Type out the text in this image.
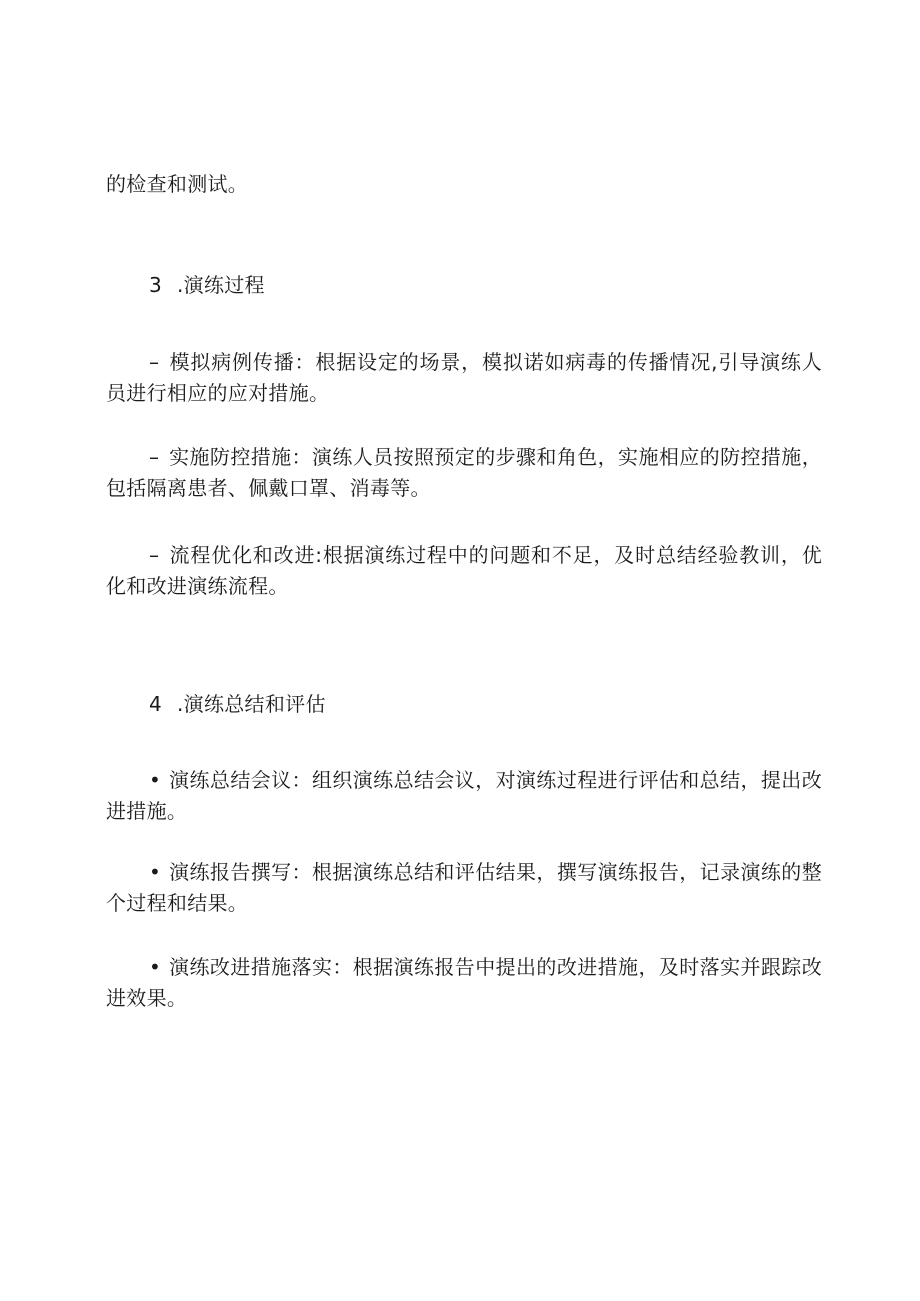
的检查和测试。

3 .演练过程

– 模拟病例传播：根据设定的场景，模拟诺如病毒的传播情况,引导演练人员进行相应的应对措施。

– 实施防控措施：演练人员按照预定的步骤和角色，实施相应的防控措施，包括隔离患者、佩戴口罩、消毒等。

– 流程优化和改进:根据演练过程中的问题和不足，及时总结经验教训，优化和改进演练流程。

4 .演练总结和评估

• 演练总结会议：组织演练总结会议，对演练过程进行评估和总结，提出改进措施。

• 演练报告撰写：根据演练总结和评估结果，撰写演练报告，记录演练的整个过程和结果。

• 演练改进措施落实：根据演练报告中提出的改进措施，及时落实并跟踪改进效果。
